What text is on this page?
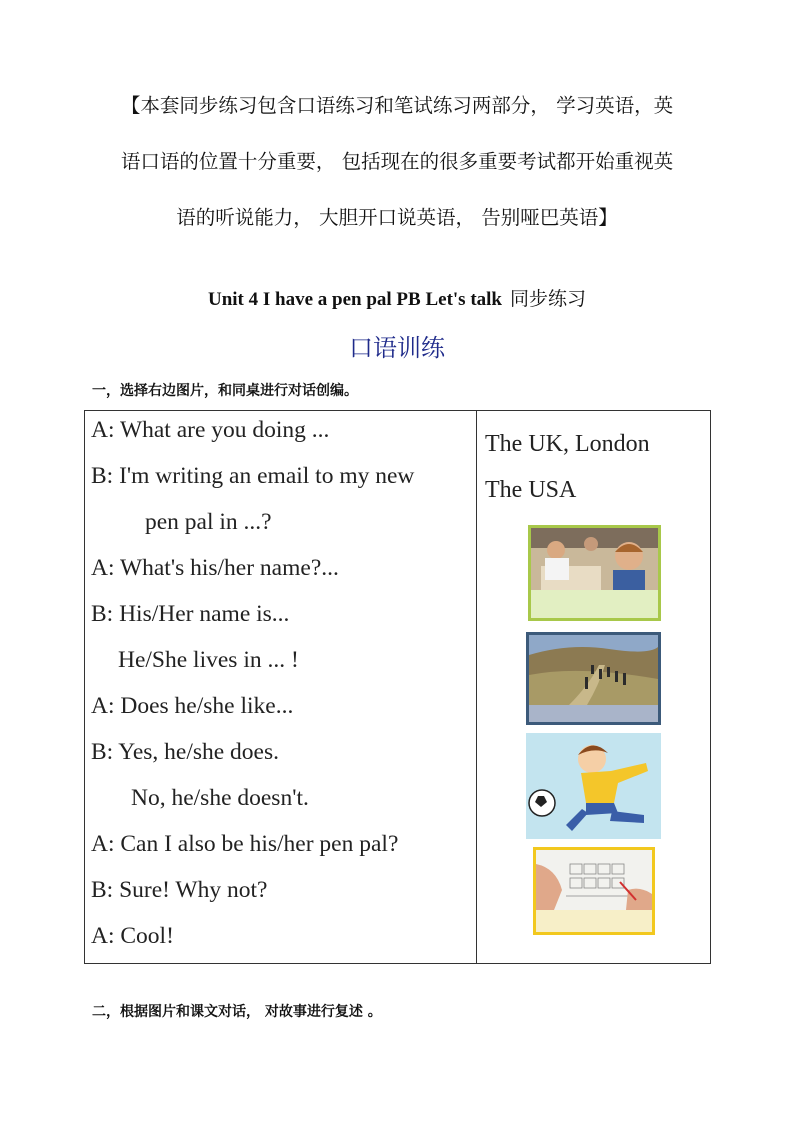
【本套同步练习包含口语练习和笔试练习两部分， 学习英语，英

语口语的位置十分重要， 包括现在的很多重要考试都开始重视英

语的听说能力， 大胆开口说英语， 告别哑巴英语】

Unit 4 I have a pen pal PB Let's talk 同步练习
口语训练
一，选择右边图片，和同桌进行对话创编。
A: What are you doing ...
B: I'm writing an email to my new
pen pal in ...?
A: What's his/her name?...
B: His/Her name is...
He/She lives in ... !
A: Does he/she like...
B: Yes, he/she does.
No, he/she doesn't.
A: Can I also be his/her pen pal?
B: Sure! Why not?
A: Cool!
The UK, London
The USA
二，根据图片和课文对话， 对故事进行复述 。
